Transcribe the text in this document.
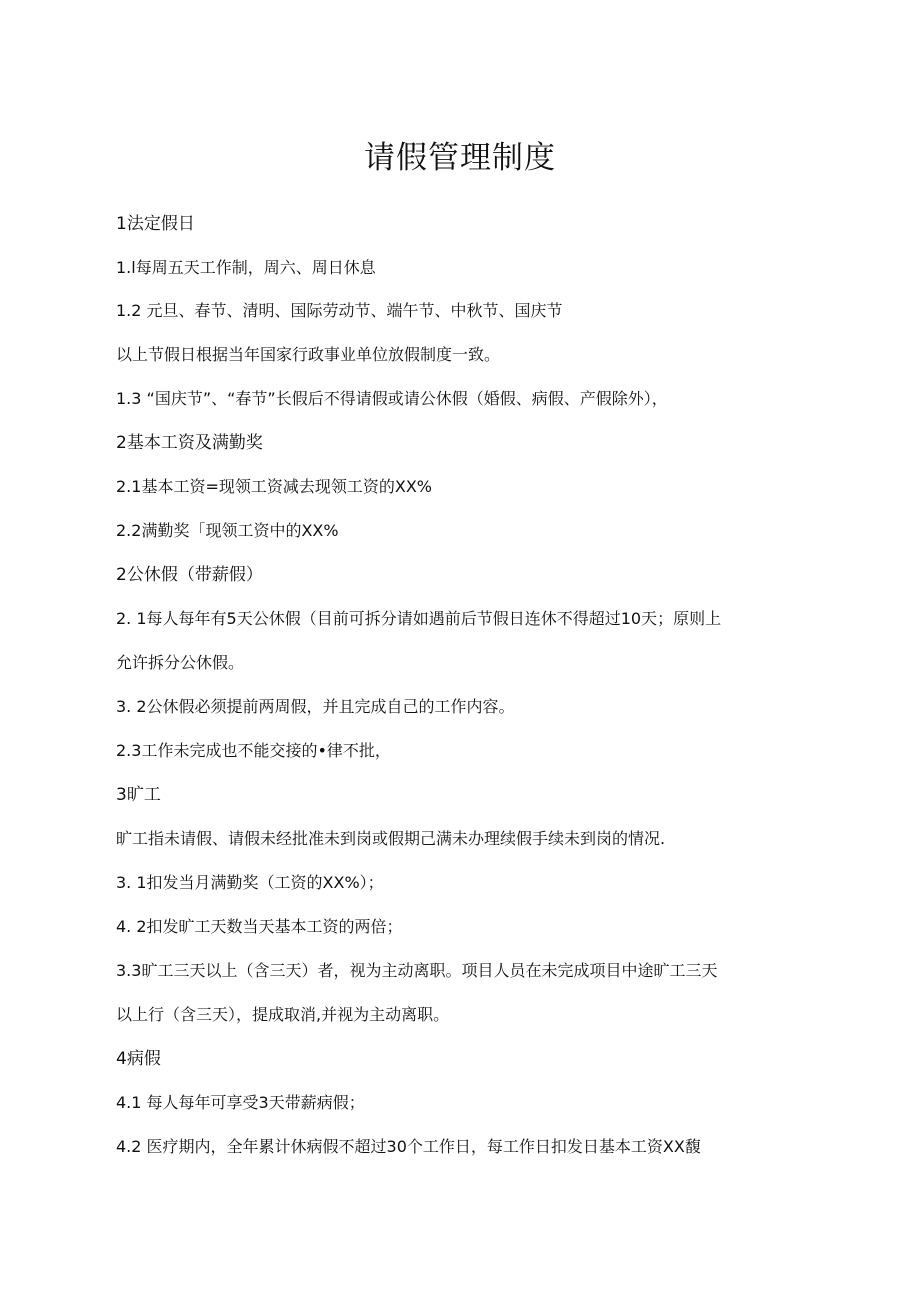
请假管理制度
1法定假日
1.l每周五天工作制，周六、周日休息
1.2 元旦、春节、清明、国际劳动节、端午节、中秋节、国庆节
以上节假日根据当年国家行政事业单位放假制度一致。
1.3 “国庆节”、“春节”长假后不得请假或请公休假（婚假、病假、产假除外），
2基本工资及满勤奖
2.1基本工资=现领工资减去现领工资的XX%
2.2满勤奖「现领工资中的XX%
2公休假（带薪假）
2. 1每人每年有5天公休假（目前可拆分请如遇前后节假日连休不得超过10天；原则上
允许拆分公休假。
3. 2公休假必须提前两周假，并且完成自己的工作内容。
2.3工作未完成也不能交接的•律不批，
3旷工
旷工指未请假、请假未经批准未到岗或假期己满未办理续假手续未到岗的情况.
3. 1扣发当月满勤奖（工资的XX%）；
4. 2扣发旷工天数当天基本工资的两倍；
3.3旷工三天以上（含三天）者，视为主动离职。项目人员在未完成项目中途旷工三天
以上行（含三天），提成取消,并视为主动离职。
4病假
4.1 每人每年可享受3天带薪病假；
4.2 医疗期内，全年累计休病假不超过30个工作日，每工作日扣发日基本工资XX馥
